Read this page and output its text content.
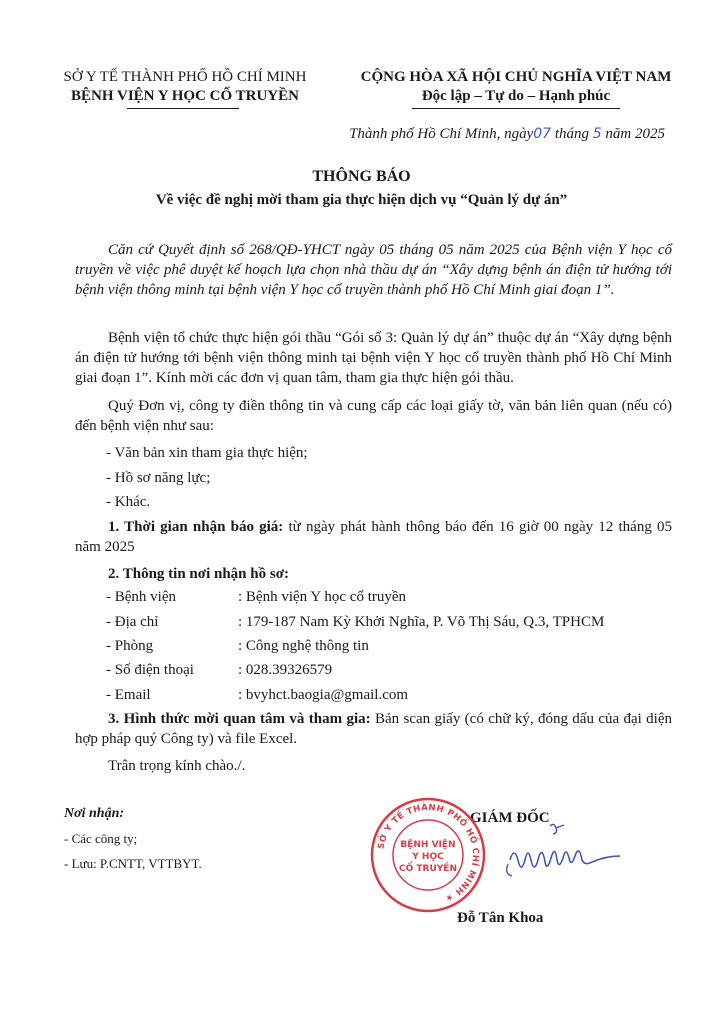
SỞ Y TẾ THÀNH PHỐ HỒ CHÍ MINH
BỆNH VIỆN Y HỌC CỔ TRUYỀN
CỘNG HÒA XÃ HỘI CHỦ NGHĨA VIỆT NAM
Độc lập – Tự do – Hạnh phúc
Thành phố Hồ Chí Minh, ngày07 tháng 5 năm 2025
THÔNG BÁO
Về việc đề nghị mời tham gia thực hiện dịch vụ “Quản lý dự án”
Căn cứ Quyết định số 268/QĐ-YHCT ngày 05 tháng 05 năm 2025 của Bệnh viện Y học cổ truyền về việc phê duyệt kế hoạch lựa chọn nhà thầu dự án “Xây dựng bệnh án điện tử hướng tới bệnh viện thông minh tại bệnh viện Y học cổ truyền thành phố Hồ Chí Minh giai đoạn 1”.
Bệnh viện tổ chức thực hiện gói thầu “Gói số 3: Quản lý dự án” thuộc dự án “Xây dựng bệnh án điện tử hướng tới bệnh viện thông minh tại bệnh viện Y học cổ truyền thành phố Hồ Chí Minh giai đoạn 1”. Kính mời các đơn vị quan tâm, tham gia thực hiện gói thầu.
Quý Đơn vị, công ty điền thông tin và cung cấp các loại giấy tờ, văn bản liên quan (nếu có) đến bệnh viện như sau:
- Văn bản xin tham gia thực hiện;
- Hồ sơ năng lực;
- Khác.
1. Thời gian nhận báo giá: từ ngày phát hành thông báo đến 16 giờ 00 ngày 12 tháng 05 năm 2025
2. Thông tin nơi nhận hồ sơ:
- Bệnh viện	: Bệnh viện Y học cổ truyền
- Địa chỉ	: 179-187 Nam Kỳ Khởi Nghĩa, P. Võ Thị Sáu, Q.3, TPHCM
- Phòng	: Công nghệ thông tin
- Số điện thoại	: 028.39326579
- Email	: bvyhct.baogia@gmail.com
3. Hình thức mời quan tâm và tham gia: Bản scan giấy (có chữ ký, đóng dấu của đại diện hợp pháp quý Công ty) và file Excel.
Trân trọng kính chào./.
Nơi nhận:
- Các công ty;
- Lưu: P.CNTT, VTTBYT.
GIÁM ĐỐC
SỞ Y TẾ THÀNH PHỐ HỒ CHÍ MINH ★
BỆNH VIỆN
Y HỌC
CỔ TRUYỀN
Đỗ Tân Khoa
